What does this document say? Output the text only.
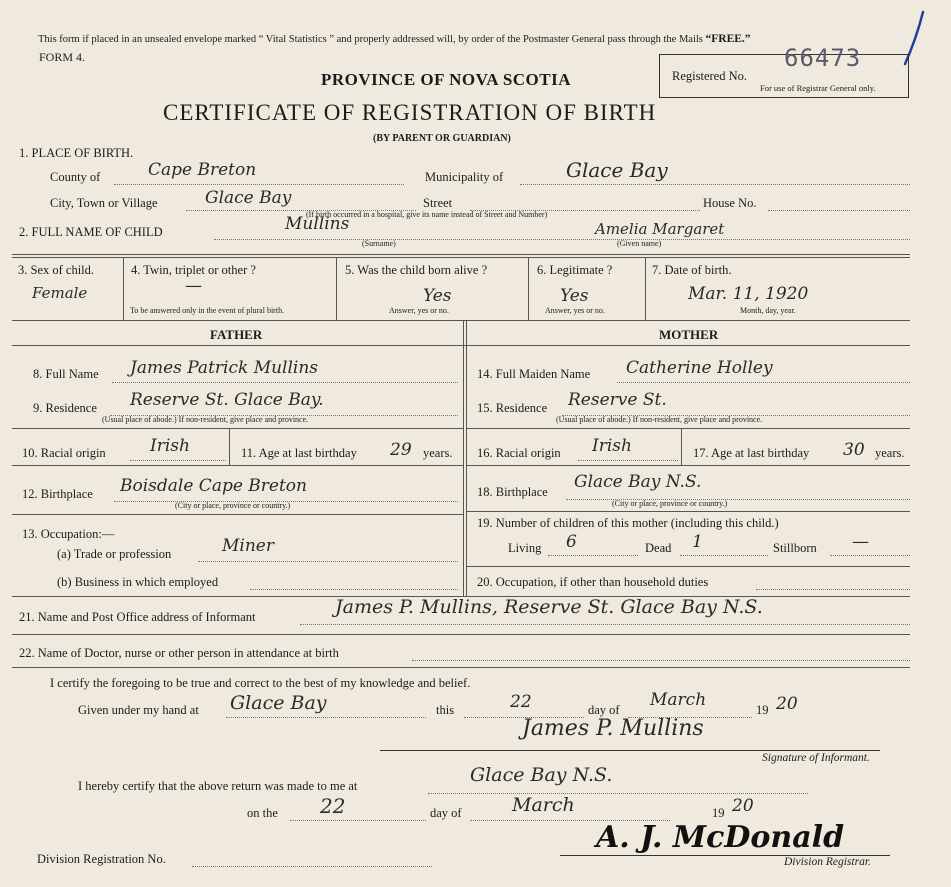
This form if placed in an unsealed envelope marked “ Vital Statistics ” and properly addressed will, by order of the Postmaster General pass through the Mails “FREE.”
FORM 4.
Registered No.
66473
For use of Registrar General only.
PROVINCE OF NOVA SCOTIA
CERTIFICATE OF REGISTRATION OF BIRTH
(BY PARENT OR GUARDIAN)
1. PLACE OF BIRTH.
County of	Cape Breton	Municipality of	Glace Bay
City, Town or Village	Glace Bay	Street	House No.
(If birth occurred in a hospital, give its name instead of Street and Number)
2. FULL NAME OF CHILD	Mullins
(Surname)
Amelia Margaret
(Given name)
3. Sex of child.
Female
4. Twin, triplet or other ?
—
To be answered only in the event of plural birth.
5. Was the child born alive ?
Yes
Answer, yes or no.
6. Legitimate ?
Yes
Answer, yes or no.
7. Date of birth.
Mar. 11, 1920
Month, day, year.
FATHER	MOTHER
8. Full Name James Patrick Mullins
9. Residence Reserve St. Glace Bay.
(Usual place of abode.) If non-resident, give place and province.
10. Racial origin	Irish	11. Age at last birthday 29 years.
12. Birthplace Boisdale Cape Breton
(City or place, province or country.)
13. Occupation:—
(a) Trade or profession	Miner
(b) Business in which employed
14. Full Maiden Name Catherine Holley
15. Residence Reserve St.
(Usual place of abode.) If non-resident, give place and province.
16. Racial origin Irish	17. Age at last birthday 30 years.
18. Birthplace Glace Bay N.S.
(City or place, province or country.)
19. Number of children of this mother (including this child.)
Living 6	Dead 1	Stillborn —
20. Occupation, if other than household duties
21. Name and Post Office address of Informant	James P. Mullins, Reserve St. Glace Bay N.S.
22. Name of Doctor, nurse or other person in attendance at birth
I certify the foregoing to be true and correct to the best of my knowledge and belief.
Given under my hand at Glace Bay	this	22	day of March	19 20
James P. Mullins
Signature of Informant.
I hereby certify that the above return was made to me at	Glace Bay N.S.
on the 22	day of	March	19 20
Division Registration No.
A. J. McDonald
Division Registrar.
